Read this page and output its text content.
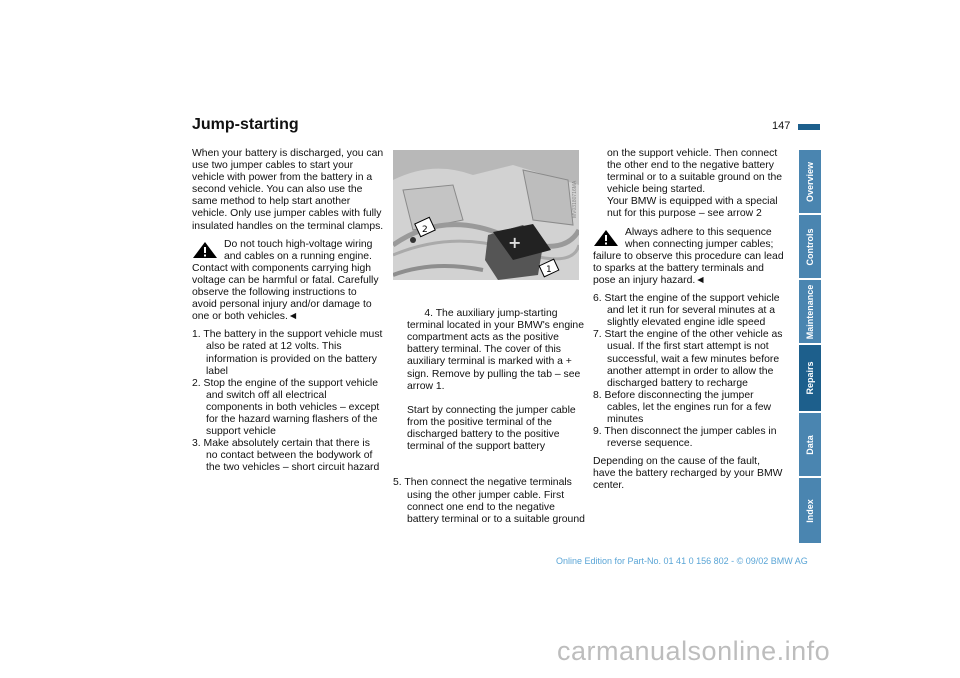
Jump-starting	147

When your battery is discharged, you can use two jumper cables to start your vehicle with power from the battery in a second vehicle. You can also use the same method to help start another vehicle. Only use jumper cables with fully insulated handles on the terminal clamps.

Do not touch high-voltage wiring and cables on a running engine. Contact with components carrying high voltage can be harmful or fatal. Carefully observe the following instructions to avoid personal injury and/or damage to one or both vehicles.◄
1. The battery in the support vehicle must also be rated at 12 volts. This information is provided on the battery label
2. Stop the engine of the support vehicle and switch off all electrical components in both vehicles – except for the hazard warning flashers of the support vehicle
3. Make absolutely certain that there is no contact between the bodywork of the two vehicles – short circuit hazard
+
2
1
MV03180716MA

4. The auxiliary jump-starting terminal located in your BMW's engine compartment acts as the positive battery terminal. The cover of this auxiliary terminal is marked with a + sign. Remove by pulling the tab – see arrow 1.

Start by connecting the jumper cable from the positive terminal of the discharged battery to the positive terminal of the support battery

5. Then connect the negative terminals using the other jumper cable. First connect one end to the negative battery terminal or to a suitable ground

on the support vehicle. Then connect the other end to the negative battery terminal or to a suitable ground on the vehicle being started.

Your BMW is equipped with a special nut for this purpose – see arrow 2

Always adhere to this sequence when connecting jumper cables; failure to observe this procedure can lead to sparks at the battery terminals and pose an injury hazard.◄
6. Start the engine of the support vehicle and let it run for several minutes at a slightly elevated engine idle speed
7. Start the engine of the other vehicle as usual. If the first start attempt is not successful, wait a few minutes before another attempt in order to allow the discharged battery to recharge
8. Before disconnecting the jumper cables, let the engines run for a few minutes
9. Then disconnect the jumper cables in reverse sequence.

Depending on the cause of the fault, have the battery recharged by your BMW center.

Overview
Controls
Maintenance
Repairs
Data
Index
Online Edition for Part-No. 01 41 0 156 802 - © 09/02 BMW AG
carmanualsonline.info
